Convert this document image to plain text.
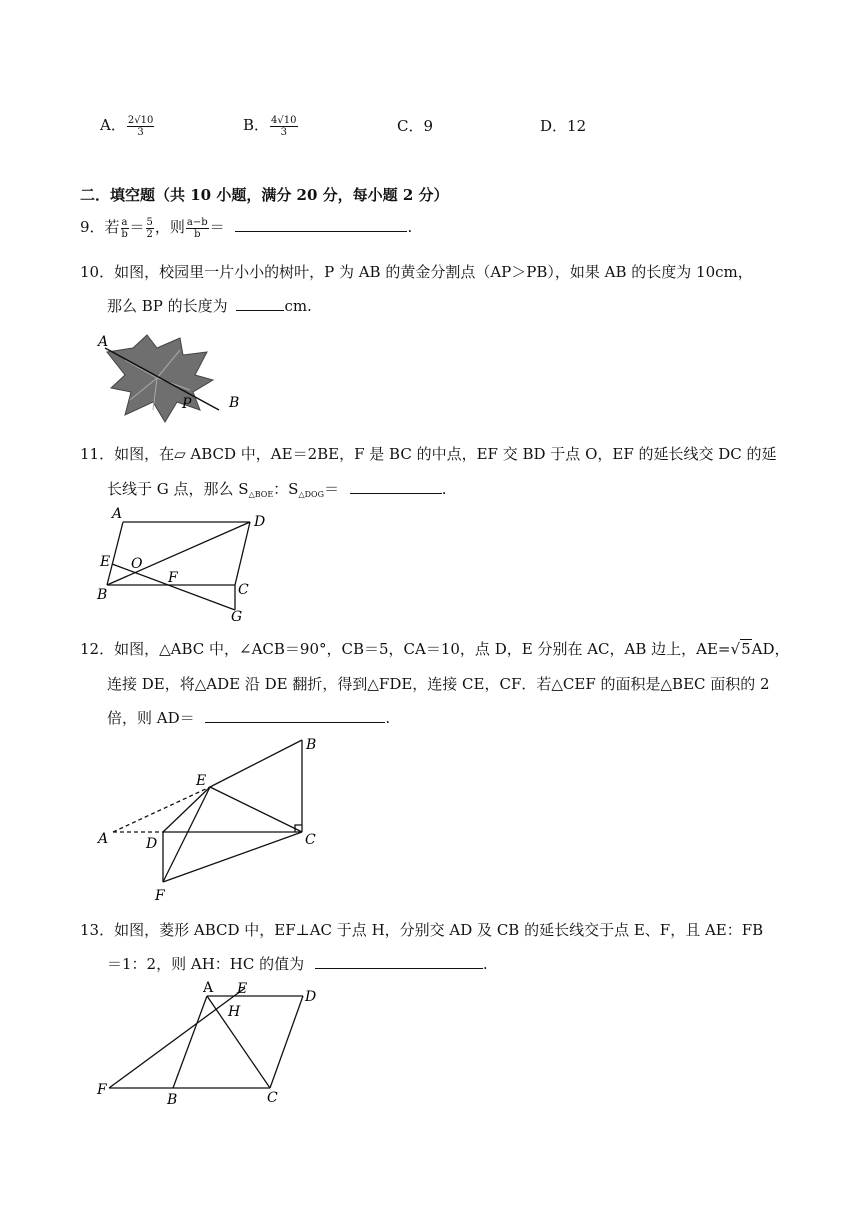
A． $\frac{2√10}{3}$	B． $\frac{4√10}{3}$	C．9	D．12
二．填空题（共 10 小题，满分 20 分，每小题 2 分）
9．若 $\frac{a}{b} = \frac{5}{2}$ ，则 $\frac{a-b}{b}$ ＝	.
10．如图，校园里一片小小的树叶，P 为 AB 的黄金分割点（AP＞PB），如果 AB 的长度为 10cm，
那么 BP 的长度为	cm.
A
P	B
11．如图，在▱ ABCD 中，AE＝2BE，F 是 BC 的中点，EF 交 BD 于点 O，EF 的延长线交 DC 的延
长线于 G 点，那么 $S_{\triangle BOE}$：$S_{\triangle DOG}=$	.
A	D
E O
F
C
B
G
12．如图，△ABC 中，∠ACB＝90°，CB＝5，CA＝10，点 D，E 分别在 AC，AB 边上，AE=√5AD，
连接 DE，将△ADE 沿 DE 翻折，得到△FDE，连接 CE，CF．若△CEF 的面积是△BEC 面积的 2
倍，则 AD＝	.
B
E
A	D	C
F
13．如图，菱形 ABCD 中，EF⊥AC 于点 H，分别交 AD 及 CB 的延长线交于点 E、F，且 AE：FB
＝1：2，则 AH：HC 的值为	.
A E	D
H
F
B	C
